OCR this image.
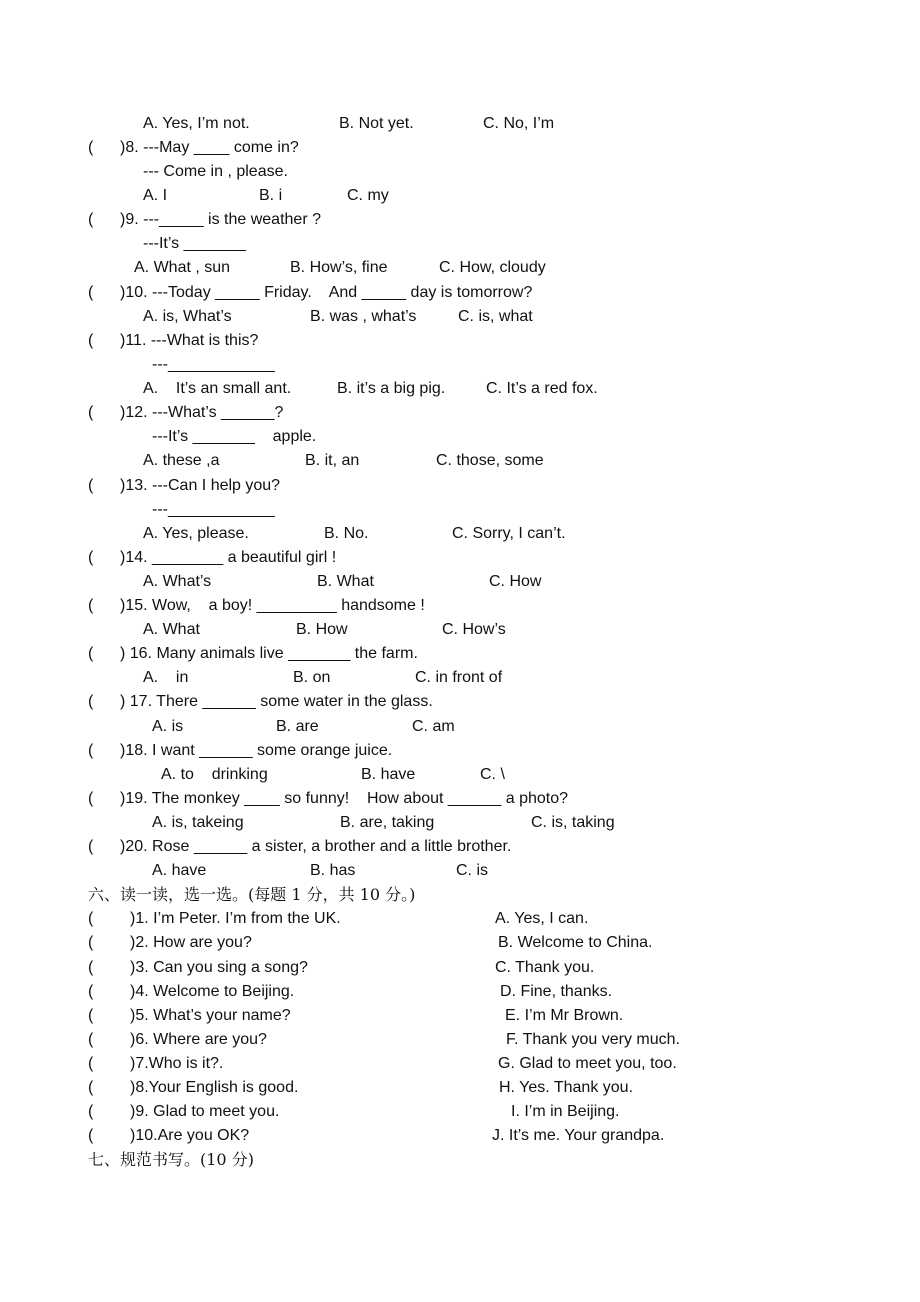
A. Yes, I’m not.	B. Not yet.	C. No, I’m
( )8. ---May ____ come in?
--- Come in , please.
A. I	B. i	C. my
( )9. ---_____ is the weather ?
---It’s _______
A. What , sun	B. How’s, fine	C. How, cloudy
( )10. ---Today _____ Friday.    And _____ day is tomorrow?
A. is, What’s	B. was , what’s	C. is, what
( )11. ---What is this?
---____________
A.    It’s an small ant.	B. it’s a big pig.	C. It’s a red fox.
( )12. ---What’s ______?
---It’s _______    apple.
A. these ,a	B. it, an	C. those, some
( )13. ---Can I help you?
---____________
A. Yes, please.	B. No.	C. Sorry, I can’t.
( )14. ________ a beautiful girl !
A. What’s	B. What	C. How
( )15. Wow,    a boy! _________ handsome !
A. What	B. How	C. How’s
( ) 16. Many animals live _______ the farm.
A.    in	B. on	C. in front of
( ) 17. There ______ some water in the glass.
A. is	B. are	C. am
( )18. I want ______ some orange juice.
A. to    drinking	B. have	C. \
( )19. The monkey ____ so funny!    How about ______ a photo?
A. is, takeing	B. are, taking	C. is, taking
( )20. Rose ______ a sister, a brother and a little brother.
A. have	B. has	C. is
六、读一读，选一选。(每题 1 分，共 10 分。)
( )1. I’m Peter. I’m from the UK.	A. Yes, I can.
( )2. How are you?	B. Welcome to China.
( )3. Can you sing a song?	C. Thank you.
( )4. Welcome to Beijing.	D. Fine, thanks.
( )5. What’s your name?	E. I’m Mr Brown.
( )6. Where are you?	F. Thank you very much.
( )7.Who is it?.	G. Glad to meet you, too.
( )8.Your English is good.	H. Yes. Thank you.
( )9. Glad to meet you.	I. I’m in Beijing.
( )10.Are you OK?	J. It’s me. Your grandpa.
七、规范书写。(10 分)
